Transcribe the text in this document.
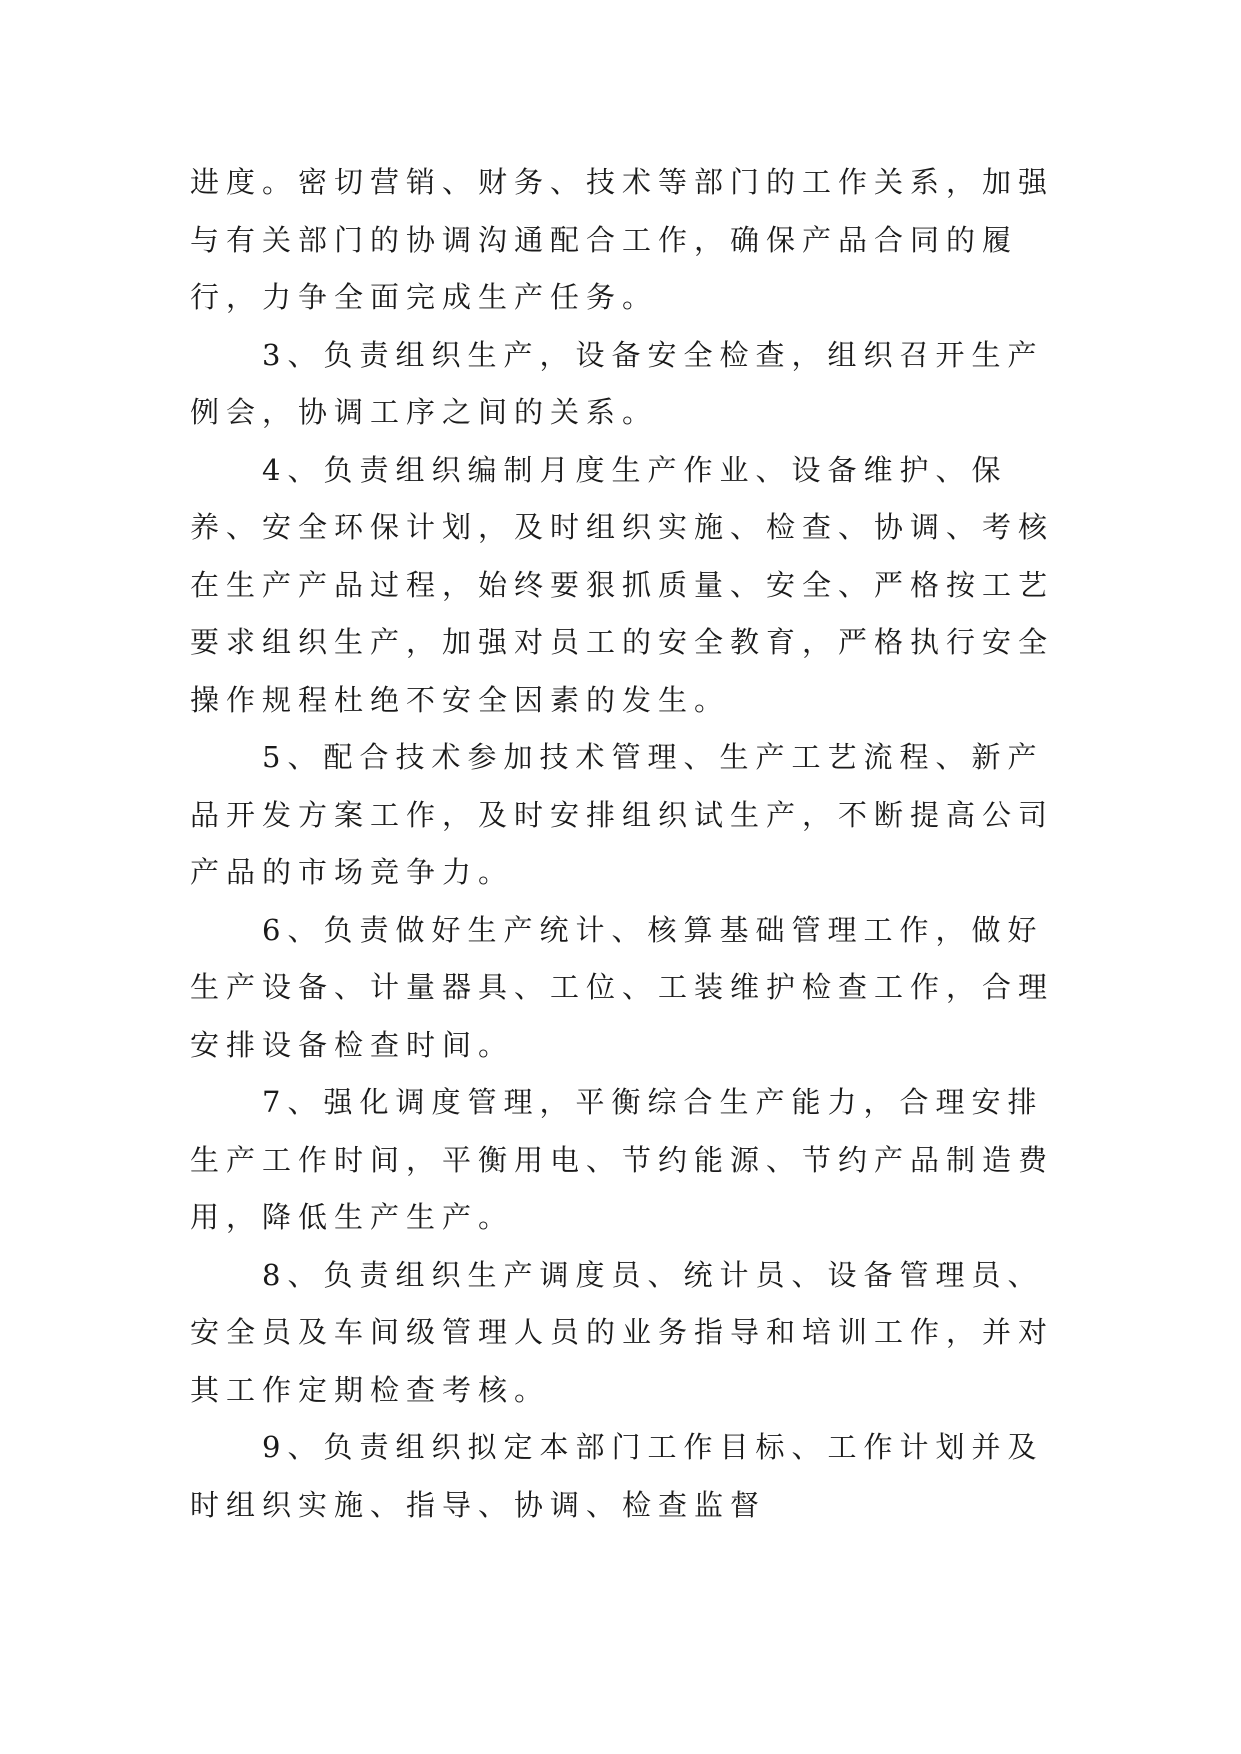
进度。密切营销、财务、技术等部门的工作关系，加强与有关部门的协调沟通配合工作，确保产品合同的履行，力争全面完成生产任务。

3、负责组织生产，设备安全检查，组织召开生产例会，协调工序之间的关系。

4、负责组织编制月度生产作业、设备维护、保养、安全环保计划，及时组织实施、检查、协调、考核在生产产品过程，始终要狠抓质量、安全、严格按工艺要求组织生产，加强对员工的安全教育，严格执行安全操作规程杜绝不安全因素的发生。

5、配合技术参加技术管理、生产工艺流程、新产品开发方案工作，及时安排组织试生产，不断提高公司产品的市场竞争力。

6、负责做好生产统计、核算基础管理工作，做好生产设备、计量器具、工位、工装维护检查工作，合理安排设备检查时间。

7、强化调度管理，平衡综合生产能力，合理安排生产工作时间，平衡用电、节约能源、节约产品制造费用，降低生产生产。

8、负责组织生产调度员、统计员、设备管理员、安全员及车间级管理人员的业务指导和培训工作，并对其工作定期检查考核。

9、负责组织拟定本部门工作目标、工作计划并及时组织实施、指导、协调、检查监督
